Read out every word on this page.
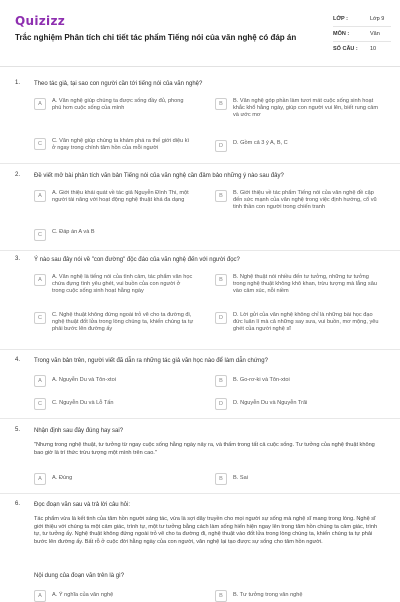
Quizizz
Trắc nghiệm Phân tích chi tiết tác phẩm Tiếng nói của văn nghệ có đáp án
LỚP :	Lớp 9
MÔN :	Văn
SỐ CÂU : 10
1. Theo tác giả, tại sao con người cần tới tiếng nói của văn nghệ?
A	A. Văn nghệ giúp chúng ta được sống đầy đủ, phong phú hơn cuộc sống của mình
B	B. Văn nghệ góp phần làm tươi mát cuộc sống sinh hoạt khắc khổ hằng ngày, giúp con người vui lên, biết rung cảm và ước mơ
C	C. Văn nghệ giúp chúng ta khám phá ra thế giới diệu kì ở ngay trong chính tâm hồn của mỗi người	D	D. Gồm cả 3 ý A, B, C
2. Đề viết mở bài phân tích văn bản Tiếng nói của văn nghệ cần đảm bảo những ý nào sau đây?
A	A. Giới thiệu khái quát về tác giả Nguyễn Đình Thi, một người tài năng với hoạt động nghệ thuật khá đa dạng
B	B. Giới thiệu về tác phẩm Tiếng nói của văn nghệ đề cập đến sức mạnh của văn nghệ trong việc định hướng, cổ vũ tinh thần con người trong chiến tranh
C	C. Đáp án A và B
3. Ý nào sau đây nói về "con đường" độc đáo của văn nghệ đến với người đọc?
A	A. Văn nghệ là tiếng nói của tình cảm, tác phẩm văn học chứa đựng tình yêu ghét, vui buồn của con người ở trong cuộc sống sinh hoạt hằng ngày
B	B. Nghệ thuật nói nhiều đến tư tưởng, những tư tưởng trong nghệ thuật không khô khan, trừu tượng mà lắng sâu vào cảm xúc, nỗi niềm
C	C. Nghệ thuật không đứng ngoài trỏ vẽ cho ta đường đi, nghệ thuật đốt lửa trong lòng chúng ta, khiến chúng ta tự phải bước lên đường ấy
D	D. Lời gửi của văn nghệ không chỉ là những bài học đạo đức luân lí mà cả những say sưa, vui buồn, mơ mộng, yêu ghét của người nghệ sĩ
4. Trong văn bản trên, người viết đã dẫn ra những tác giả văn học nào để làm dẫn chứng?
A	A. Nguyễn Du và Tôn-xtoi	B	B. Go-rơ-ki và Tôn-xtoi
C	C. Nguyễn Du và Lỗ Tấn	D	D. Nguyễn Du và Nguyễn Trãi
5. Nhận định sau đây đúng hay sai?
"Nhưng trong nghệ thuật, tư tưởng từ ngay cuộc sống hằng ngày nảy ra, và thấm trong tất cả cuộc sống. Tư tưởng của nghệ thuật không bao giờ là trí thức trừu tượng một mình trên cao."
A	A. Đúng	B	B. Sai
6. Đọc đoạn văn sau và trả lời câu hỏi:
Tác phẩm vừa là kết tinh của tâm hồn người sáng tác, vừa là sợi dây truyền cho mọi người sự sống mà nghệ sĩ mang trong lòng. Nghệ sĩ giới thiệu với chúng ta một cảm giác, trình tự, một tư tưởng bằng cách làm sống hiến hiện ngay lên trong tâm hồn chúng ta cảm giác, trình tự, tư tưởng ấy. Nghệ thuật không đứng ngoài trỏ vẽ cho ta đường đi, nghệ thuật vào đốt lửa trong lòng chúng ta, khiến chúng ta tự phải bước lên đường ấy. Bất rỗ ở cuộc đời hằng ngày của con người, văn nghệ lại tạo được sự sống cho tâm hồn người.
Nội dung của đoạn văn trên là gì?
A	A. Ý nghĩa của văn nghệ	B	B. Tư tưởng trong văn nghệ
